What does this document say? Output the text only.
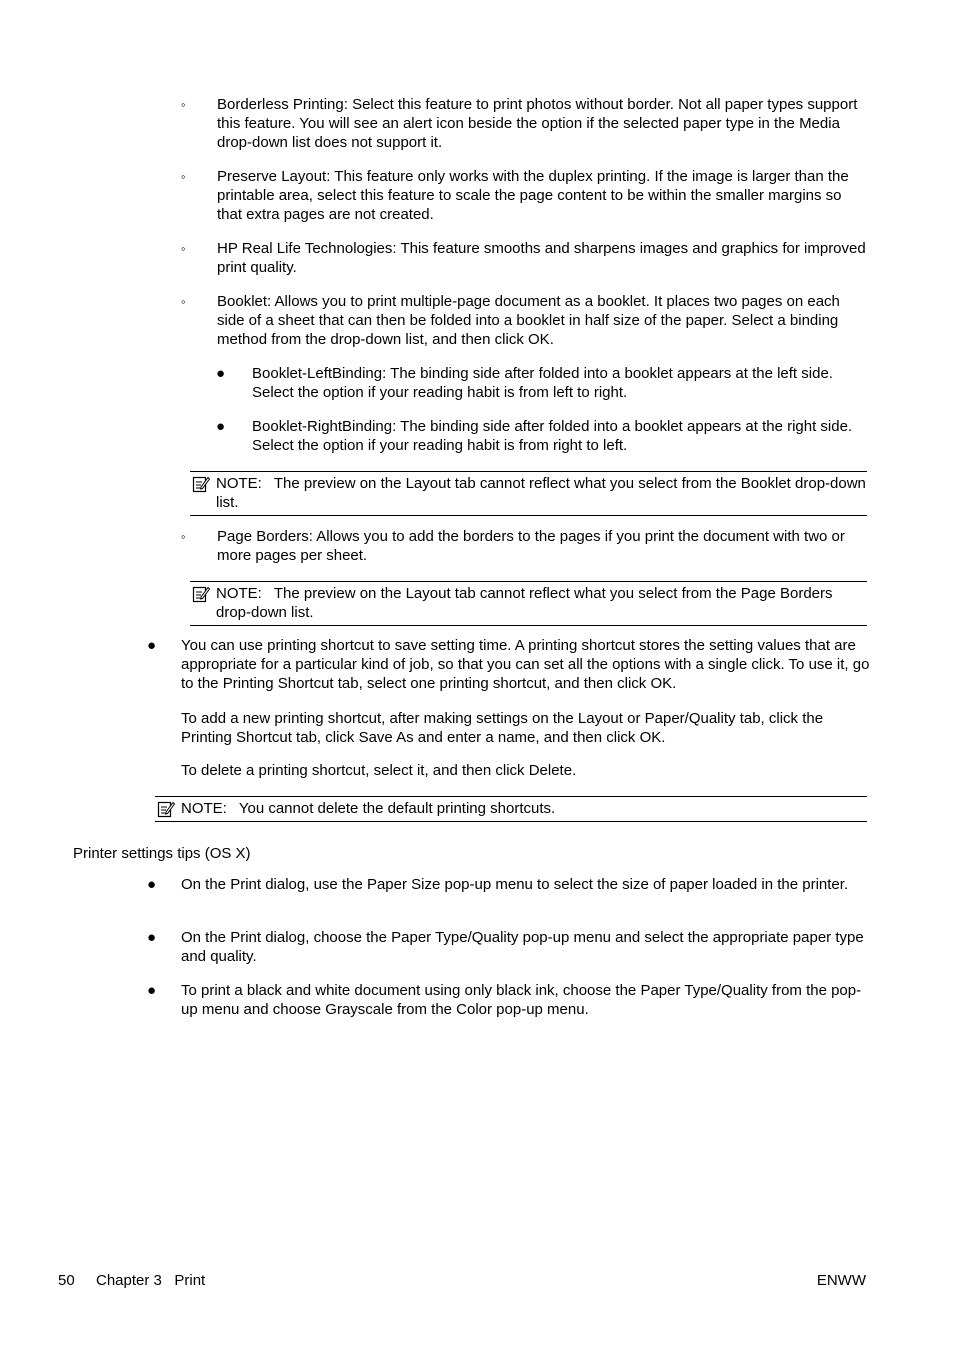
◦ Borderless Printing: Select this feature to print photos without border. Not all paper types support this feature. You will see an alert icon beside the option if the selected paper type in the Media drop-down list does not support it.
◦ Preserve Layout: This feature only works with the duplex printing. If the image is larger than the printable area, select this feature to scale the page content to be within the smaller margins so that extra pages are not created.
◦ HP Real Life Technologies: This feature smooths and sharpens images and graphics for improved print quality.
◦ Booklet: Allows you to print multiple-page document as a booklet. It places two pages on each side of a sheet that can then be folded into a booklet in half size of the paper. Select a binding method from the drop-down list, and then click OK.
● Booklet-LeftBinding: The binding side after folded into a booklet appears at the left side. Select the option if your reading habit is from left to right.
● Booklet-RightBinding: The binding side after folded into a booklet appears at the right side. Select the option if your reading habit is from right to left.
NOTE: The preview on the Layout tab cannot reflect what you select from the Booklet drop-down list.
◦ Page Borders: Allows you to add the borders to the pages if you print the document with two or more pages per sheet.
NOTE: The preview on the Layout tab cannot reflect what you select from the Page Borders drop-down list.
● You can use printing shortcut to save setting time. A printing shortcut stores the setting values that are appropriate for a particular kind of job, so that you can set all the options with a single click. To use it, go to the Printing Shortcut tab, select one printing shortcut, and then click OK.
To add a new printing shortcut, after making settings on the Layout or Paper/Quality tab, click the Printing Shortcut tab, click Save As and enter a name, and then click OK.
To delete a printing shortcut, select it, and then click Delete.
NOTE: You cannot delete the default printing shortcuts.
Printer settings tips (OS X)
● On the Print dialog, use the Paper Size pop-up menu to select the size of paper loaded in the printer.
● On the Print dialog, choose the Paper Type/Quality pop-up menu and select the appropriate paper type and quality.
● To print a black and white document using only black ink, choose the Paper Type/Quality from the pop-up menu and choose Grayscale from the Color pop-up menu.
50 Chapter 3   Print	ENWW
